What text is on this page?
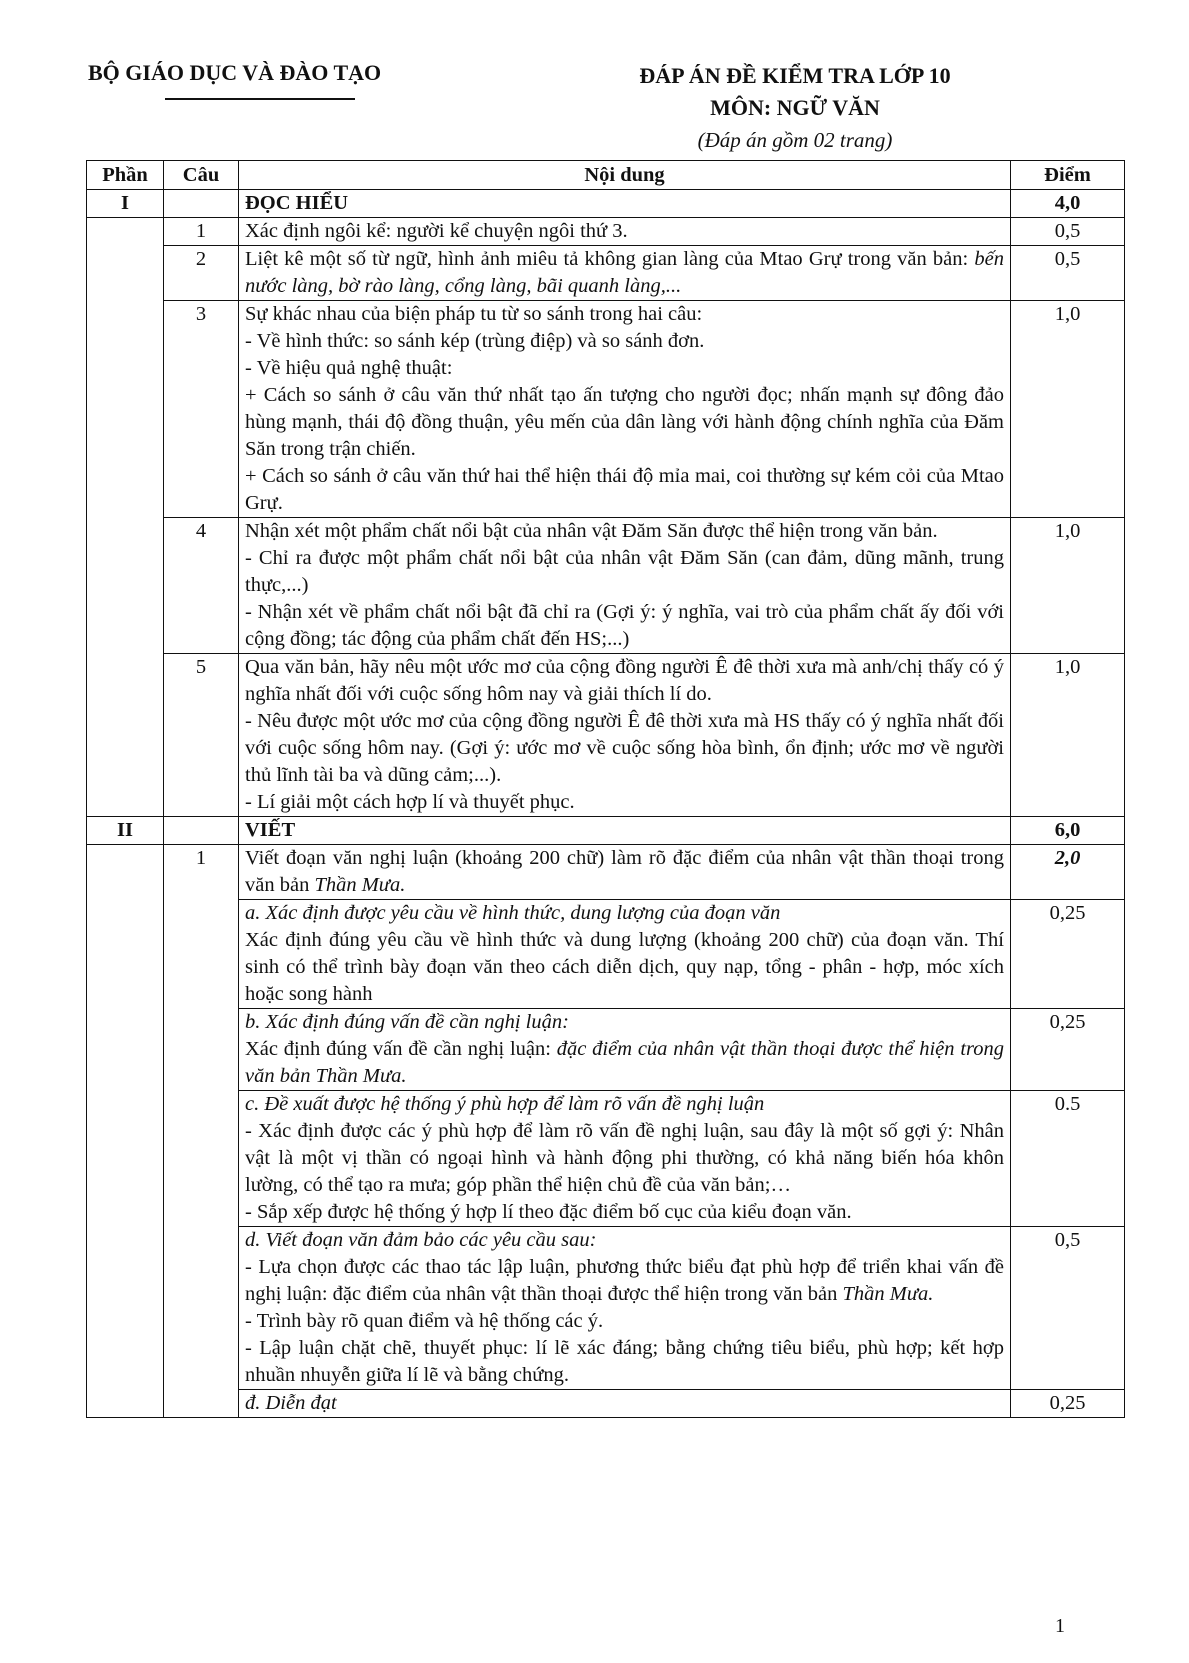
BỘ GIÁO DỤC VÀ ĐÀO TẠO	ĐÁP ÁN ĐỀ KIỂM TRA LỚP 10
MÔN: NGỮ VĂN
(Đáp án gồm 02 trang)
Phần	Câu	Nội dung	Điểm
I		ĐỌC HIỂU	4,0
	1	Xác định ngôi kể: người kể chuyện ngôi thứ 3.	0,5
	2	Liệt kê một số từ ngữ, hình ảnh miêu tả không gian làng của Mtao Grự trong văn bản: bến nước làng, bờ rào làng, cổng làng, bãi quanh làng,...	0,5
	3	Sự khác nhau của biện pháp tu từ so sánh trong hai câu:
- Về hình thức: so sánh kép (trùng điệp) và so sánh đơn.
- Về hiệu quả nghệ thuật:
+ Cách so sánh ở câu văn thứ nhất tạo ấn tượng cho người đọc; nhấn mạnh sự đông đảo hùng mạnh, thái độ đồng thuận, yêu mến của dân làng với hành động chính nghĩa của Đăm Săn trong trận chiến.
+ Cách so sánh ở câu văn thứ hai thể hiện thái độ mỉa mai, coi thường sự kém cỏi của Mtao Grự.	1,0
	4	Nhận xét một phẩm chất nổi bật của nhân vật Đăm Săn được thể hiện trong văn bản.
- Chỉ ra được một phẩm chất nổi bật của nhân vật Đăm Săn (can đảm, dũng mãnh, trung thực,...)
- Nhận xét về phẩm chất nổi bật đã chỉ ra (Gợi ý: ý nghĩa, vai trò của phẩm chất ấy đối với cộng đồng; tác động của phẩm chất đến HS;...)	1,0
	5	Qua văn bản, hãy nêu một ước mơ của cộng đồng người Ê đê thời xưa mà anh/chị thấy có ý nghĩa nhất đối với cuộc sống hôm nay và giải thích lí do.
- Nêu được một ước mơ của cộng đồng người Ê đê thời xưa mà HS thấy có ý nghĩa nhất đối với cuộc sống hôm nay. (Gợi ý: ước mơ về cuộc sống hòa bình, ổn định; ước mơ về người thủ lĩnh tài ba và dũng cảm;...).
- Lí giải một cách hợp lí và thuyết phục.	1,0
II		VIẾT	6,0
	1	Viết đoạn văn nghị luận (khoảng 200 chữ) làm rõ đặc điểm của nhân vật thần thoại trong văn bản Thần Mưa.	2,0

		a. Xác định được yêu cầu về hình thức, dung lượng của đoạn văn
Xác định đúng yêu cầu về hình thức và dung lượng (khoảng 200 chữ) của đoạn văn. Thí sinh có thể trình bày đoạn văn theo cách diễn dịch, quy nạp, tổng - phân - hợp, móc xích hoặc song hành	0,25

		b. Xác định đúng vấn đề cần nghị luận:
Xác định đúng vấn đề cần nghị luận: đặc điểm của nhân vật thần thoại được thể hiện trong văn bản Thần Mưa.	0,25

		c. Đề xuất được hệ thống ý phù hợp để làm rõ vấn đề nghị luận
- Xác định được các ý phù hợp để làm rõ vấn đề nghị luận, sau đây là một số gợi ý: Nhân vật là một vị thần có ngoại hình và hành động phi thường, có khả năng biến hóa khôn lường, có thể tạo ra mưa; góp phần thể hiện chủ đề của văn bản;…
- Sắp xếp được hệ thống ý hợp lí theo đặc điểm bố cục của kiểu đoạn văn.	0.5

		d. Viết đoạn văn đảm bảo các yêu cầu sau:
- Lựa chọn được các thao tác lập luận, phương thức biểu đạt phù hợp để triển khai vấn đề nghị luận: đặc điểm của nhân vật thần thoại được thể hiện trong văn bản Thần Mưa.
- Trình bày rõ quan điểm và hệ thống các ý.
- Lập luận chặt chẽ, thuyết phục: lí lẽ xác đáng; bằng chứng tiêu biểu, phù hợp; kết hợp nhuần nhuyễn giữa lí lẽ và bằng chứng.	0,5
		đ. Diễn đạt	0,25
1
